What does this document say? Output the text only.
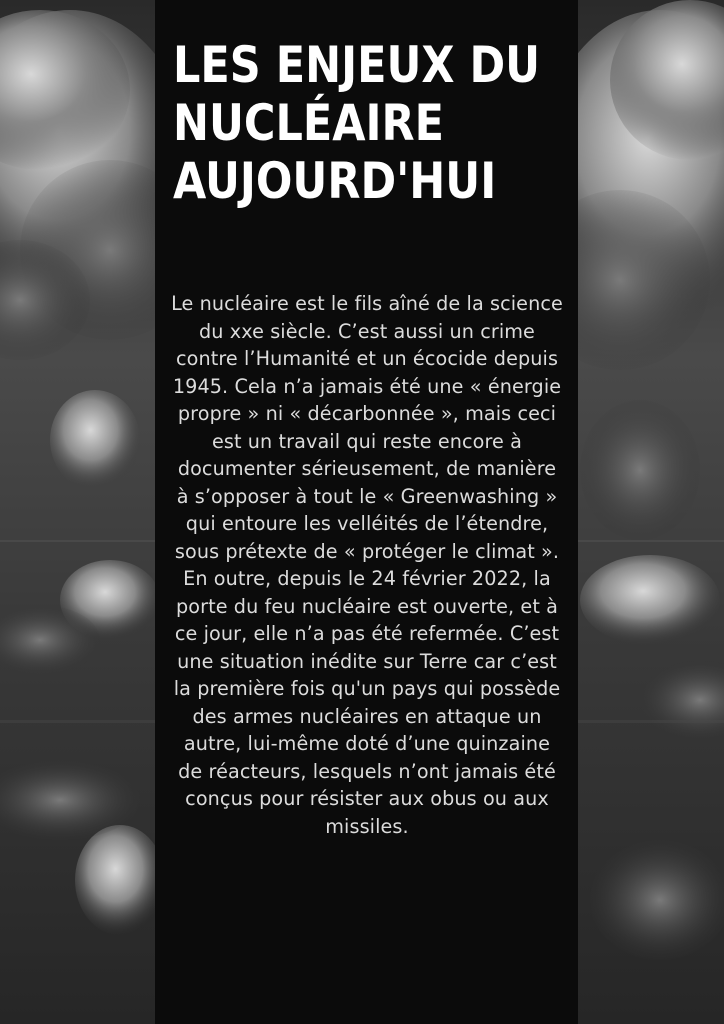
LES ENJEUX DU
NUCLÉAIRE
AUJOURD'HUI

Le nucléaire est le fils aîné de la science du xxe siècle. C’est aussi un crime contre l’Humanité et un écocide depuis 1945. Cela n’a jamais été une « énergie propre » ni « décarbonnée », mais ceci est un travail qui reste encore à documenter sérieusement, de manière à s’opposer à tout le « Greenwashing » qui entoure les velléités de l’étendre, sous prétexte de « protéger le climat ». En outre, depuis le 24 février 2022, la porte du feu nucléaire est ouverte, et à ce jour, elle n’a pas été refermée. C’est une situation inédite sur Terre car c’est la première fois qu'un pays qui possède des armes nucléaires en attaque un autre, lui-même doté d’une quinzaine de réacteurs, lesquels n’ont jamais été conçus pour résister aux obus ou aux missiles.
